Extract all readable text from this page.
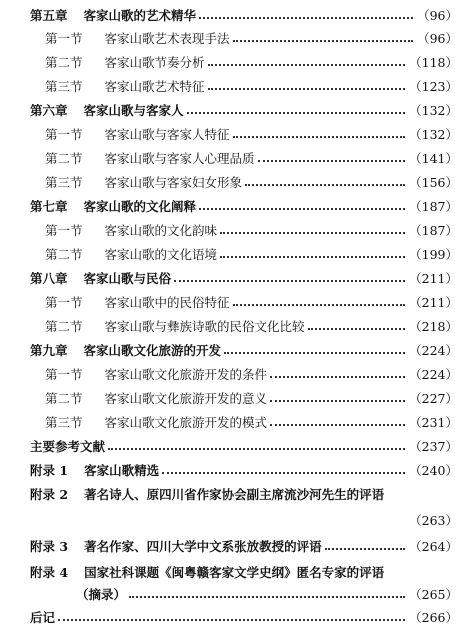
第五章 客家山歌的艺术精华	（96）
第一节 客家山歌艺术表现手法	（96）
第二节 客家山歌节奏分析	（118）
第三节 客家山歌艺术特征	（123）
第六章 客家山歌与客家人	（132）
第一节 客家山歌与客家人特征	（132）
第二节 客家山歌与客家人心理品质	（141）
第三节 客家山歌与客家妇女形象	（156）
第七章 客家山歌的文化阐释	（187）
第一节 客家山歌的文化韵味	（187）
第二节 客家山歌的文化语境	（199）
第八章 客家山歌与民俗	（211）
第一节 客家山歌中的民俗特征	（211）
第二节 客家山歌与彝族诗歌的民俗文化比较	（218）
第九章 客家山歌文化旅游的开发	（224）
第一节 客家山歌文化旅游开发的条件	（224）
第二节 客家山歌文化旅游开发的意义	（227）
第三节 客家山歌文化旅游开发的模式	（231）
主要参考文献	（237）
附录 1 客家山歌精选	（240）
附录 2 著名诗人、原四川省作家协会副主席流沙河先生的评语
（263）
附录 3 著名作家、四川大学中文系张放教授的评语	（264）
附录 4 国家社科课题《闽粤赣客家文学史纲》匿名专家的评语
（摘录）	（265）
后记	（266）
